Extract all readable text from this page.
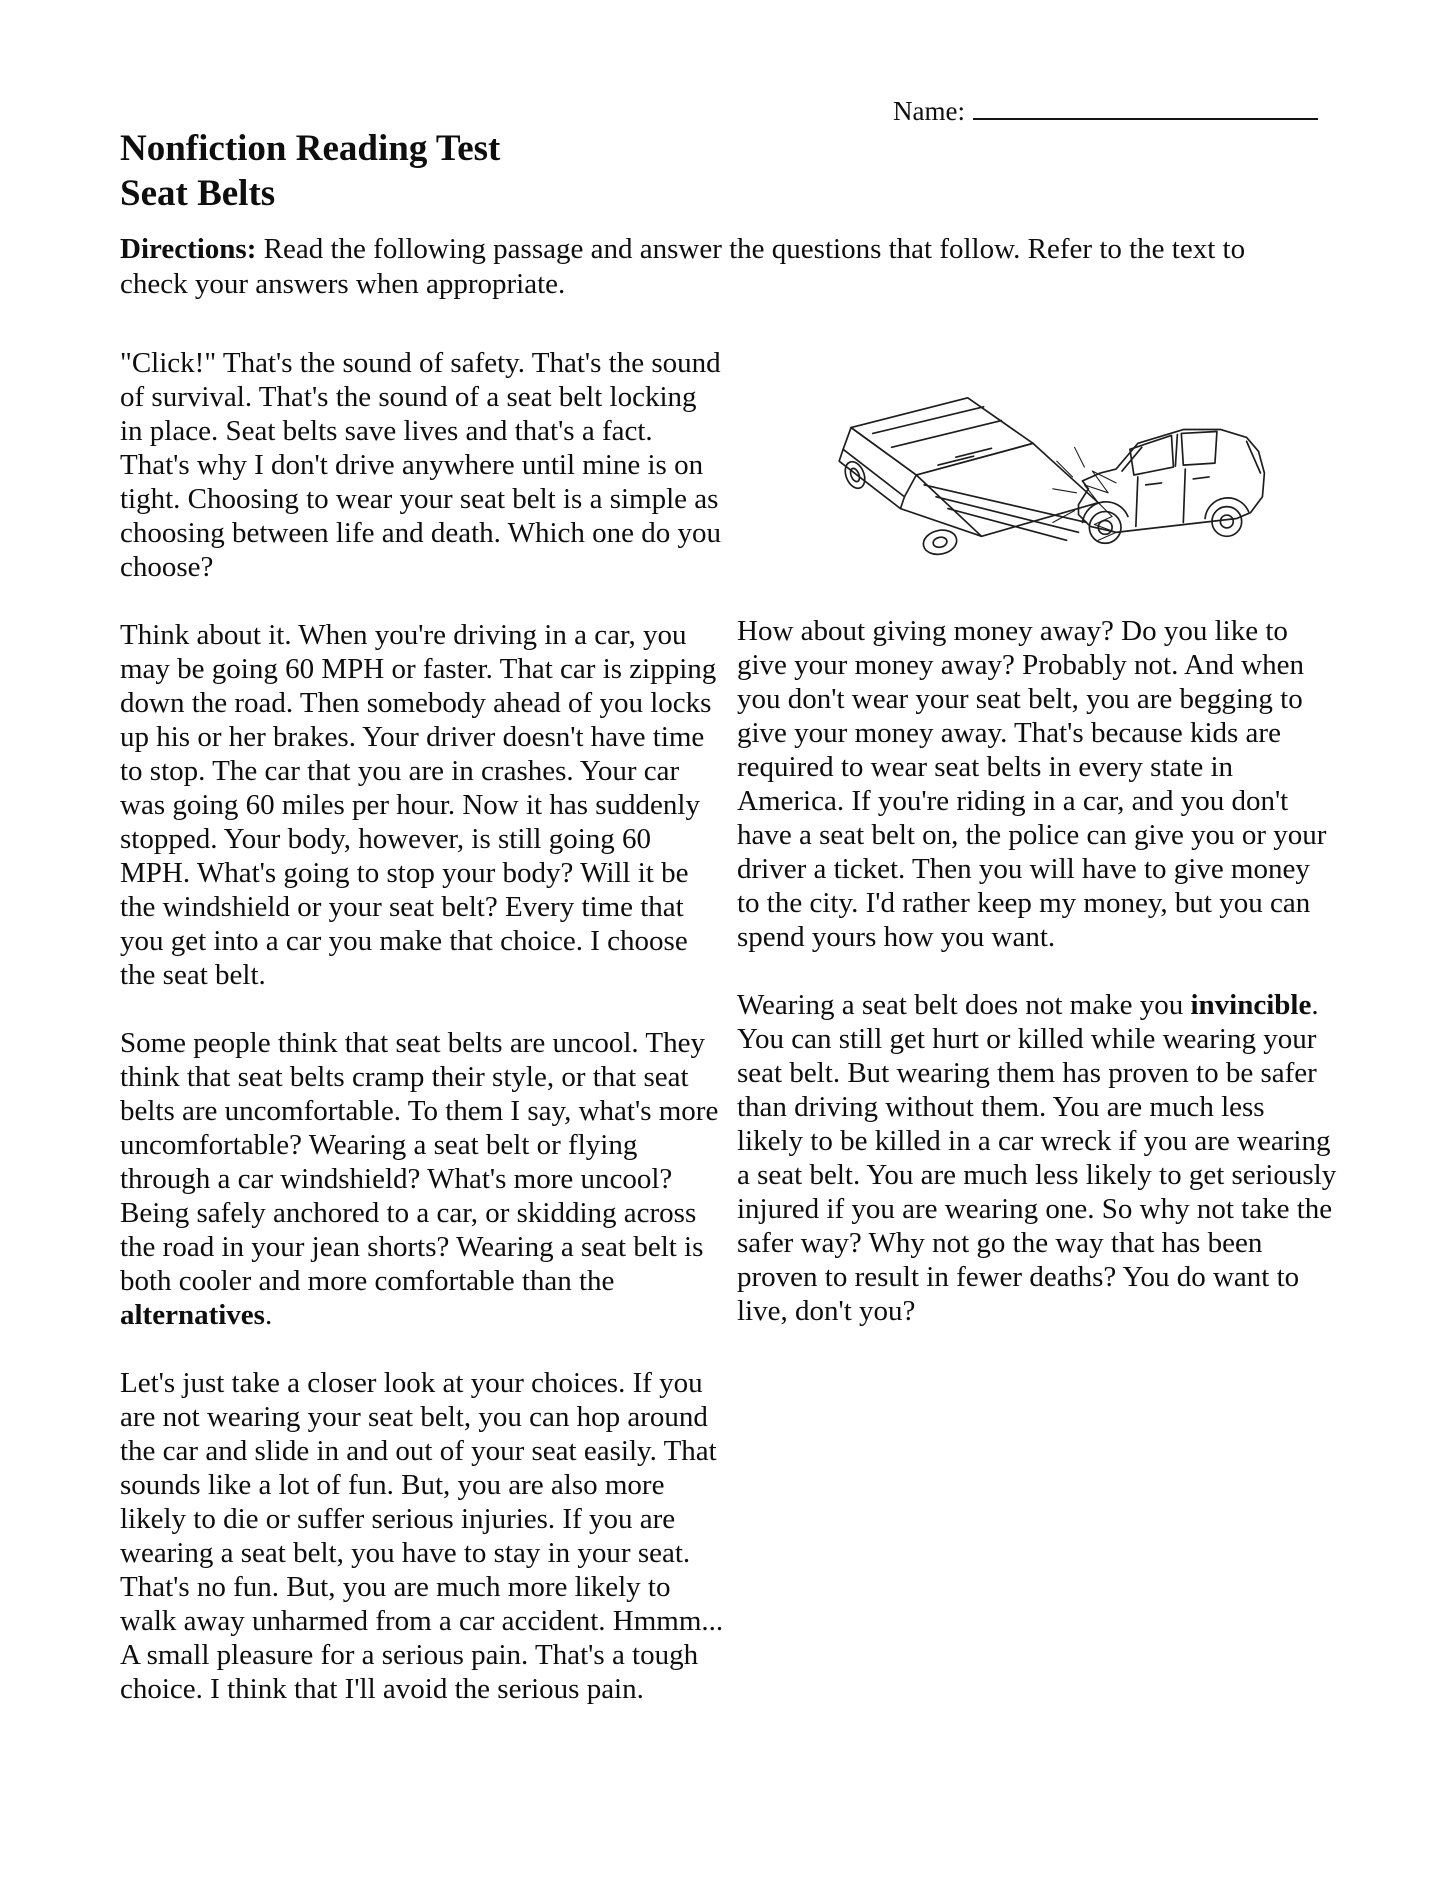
Name:
Nonfiction Reading Test
Seat Belts
Directions: Read the following passage and answer the questions that follow. Refer to the text to check your answers when appropriate.

"Click!" That's the sound of safety. That's the sound of survival. That's the sound of a seat belt locking in place. Seat belts save lives and that's a fact. That's why I don't drive anywhere until mine is on tight. Choosing to wear your seat belt is a simple as choosing between life and death. Which one do you choose?

Think about it. When you're driving in a car, you may be going 60 MPH or faster. That car is zipping down the road. Then somebody ahead of you locks up his or her brakes. Your driver doesn't have time to stop. The car that you are in crashes. Your car was going 60 miles per hour. Now it has suddenly stopped. Your body, however, is still going 60 MPH. What's going to stop your body? Will it be the windshield or your seat belt? Every time that you get into a car you make that choice. I choose the seat belt.

Some people think that seat belts are uncool. They think that seat belts cramp their style, or that seat belts are uncomfortable. To them I say, what's more uncomfortable? Wearing a seat belt or flying through a car windshield? What's more uncool? Being safely anchored to a car, or skidding across the road in your jean shorts? Wearing a seat belt is both cooler and more comfortable than the alternatives.

Let's just take a closer look at your choices. If you are not wearing your seat belt, you can hop around the car and slide in and out of your seat easily. That sounds like a lot of fun. But, you are also more likely to die or suffer serious injuries. If you are wearing a seat belt, you have to stay in your seat. That's no fun. But, you are much more likely to walk away unharmed from a car accident. Hmmm... A small pleasure for a serious pain. That's a tough choice. I think that I'll avoid the serious pain.

How about giving money away? Do you like to give your money away? Probably not. And when you don't wear your seat belt, you are begging to give your money away. That's because kids are required to wear seat belts in every state in America. If you're riding in a car, and you don't have a seat belt on, the police can give you or your driver a ticket. Then you will have to give money to the city. I'd rather keep my money, but you can spend yours how you want.

Wearing a seat belt does not make you invincible. You can still get hurt or killed while wearing your seat belt. But wearing them has proven to be safer than driving without them. You are much less likely to be killed in a car wreck if you are wearing a seat belt. You are much less likely to get seriously injured if you are wearing one. So why not take the safer way? Why not go the way that has been proven to result in fewer deaths? You do want to live, don't you?
